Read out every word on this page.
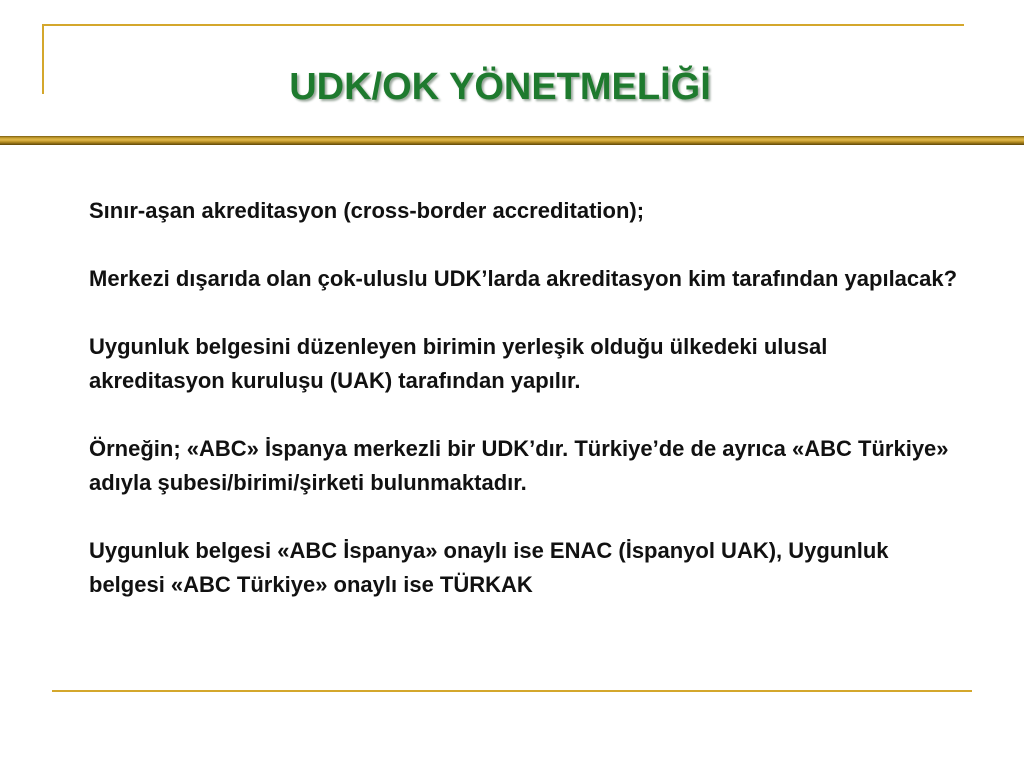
UDK/OK YÖNETMELİĞİ

Sınır-aşan akreditasyon (cross-border accreditation);

Merkezi dışarıda olan çok-uluslu UDK’larda akreditasyon kim tarafından yapılacak?

Uygunluk belgesini düzenleyen birimin yerleşik olduğu ülkedeki ulusal akreditasyon kuruluşu (UAK) tarafından yapılır.

Örneğin; «ABC» İspanya merkezli bir UDK’dır. Türkiye’de de ayrıca «ABC Türkiye» adıyla şubesi/birimi/şirketi bulunmaktadır.

Uygunluk belgesi «ABC İspanya» onaylı ise ENAC (İspanyol UAK), Uygunluk belgesi «ABC Türkiye» onaylı ise TÜRKAK
